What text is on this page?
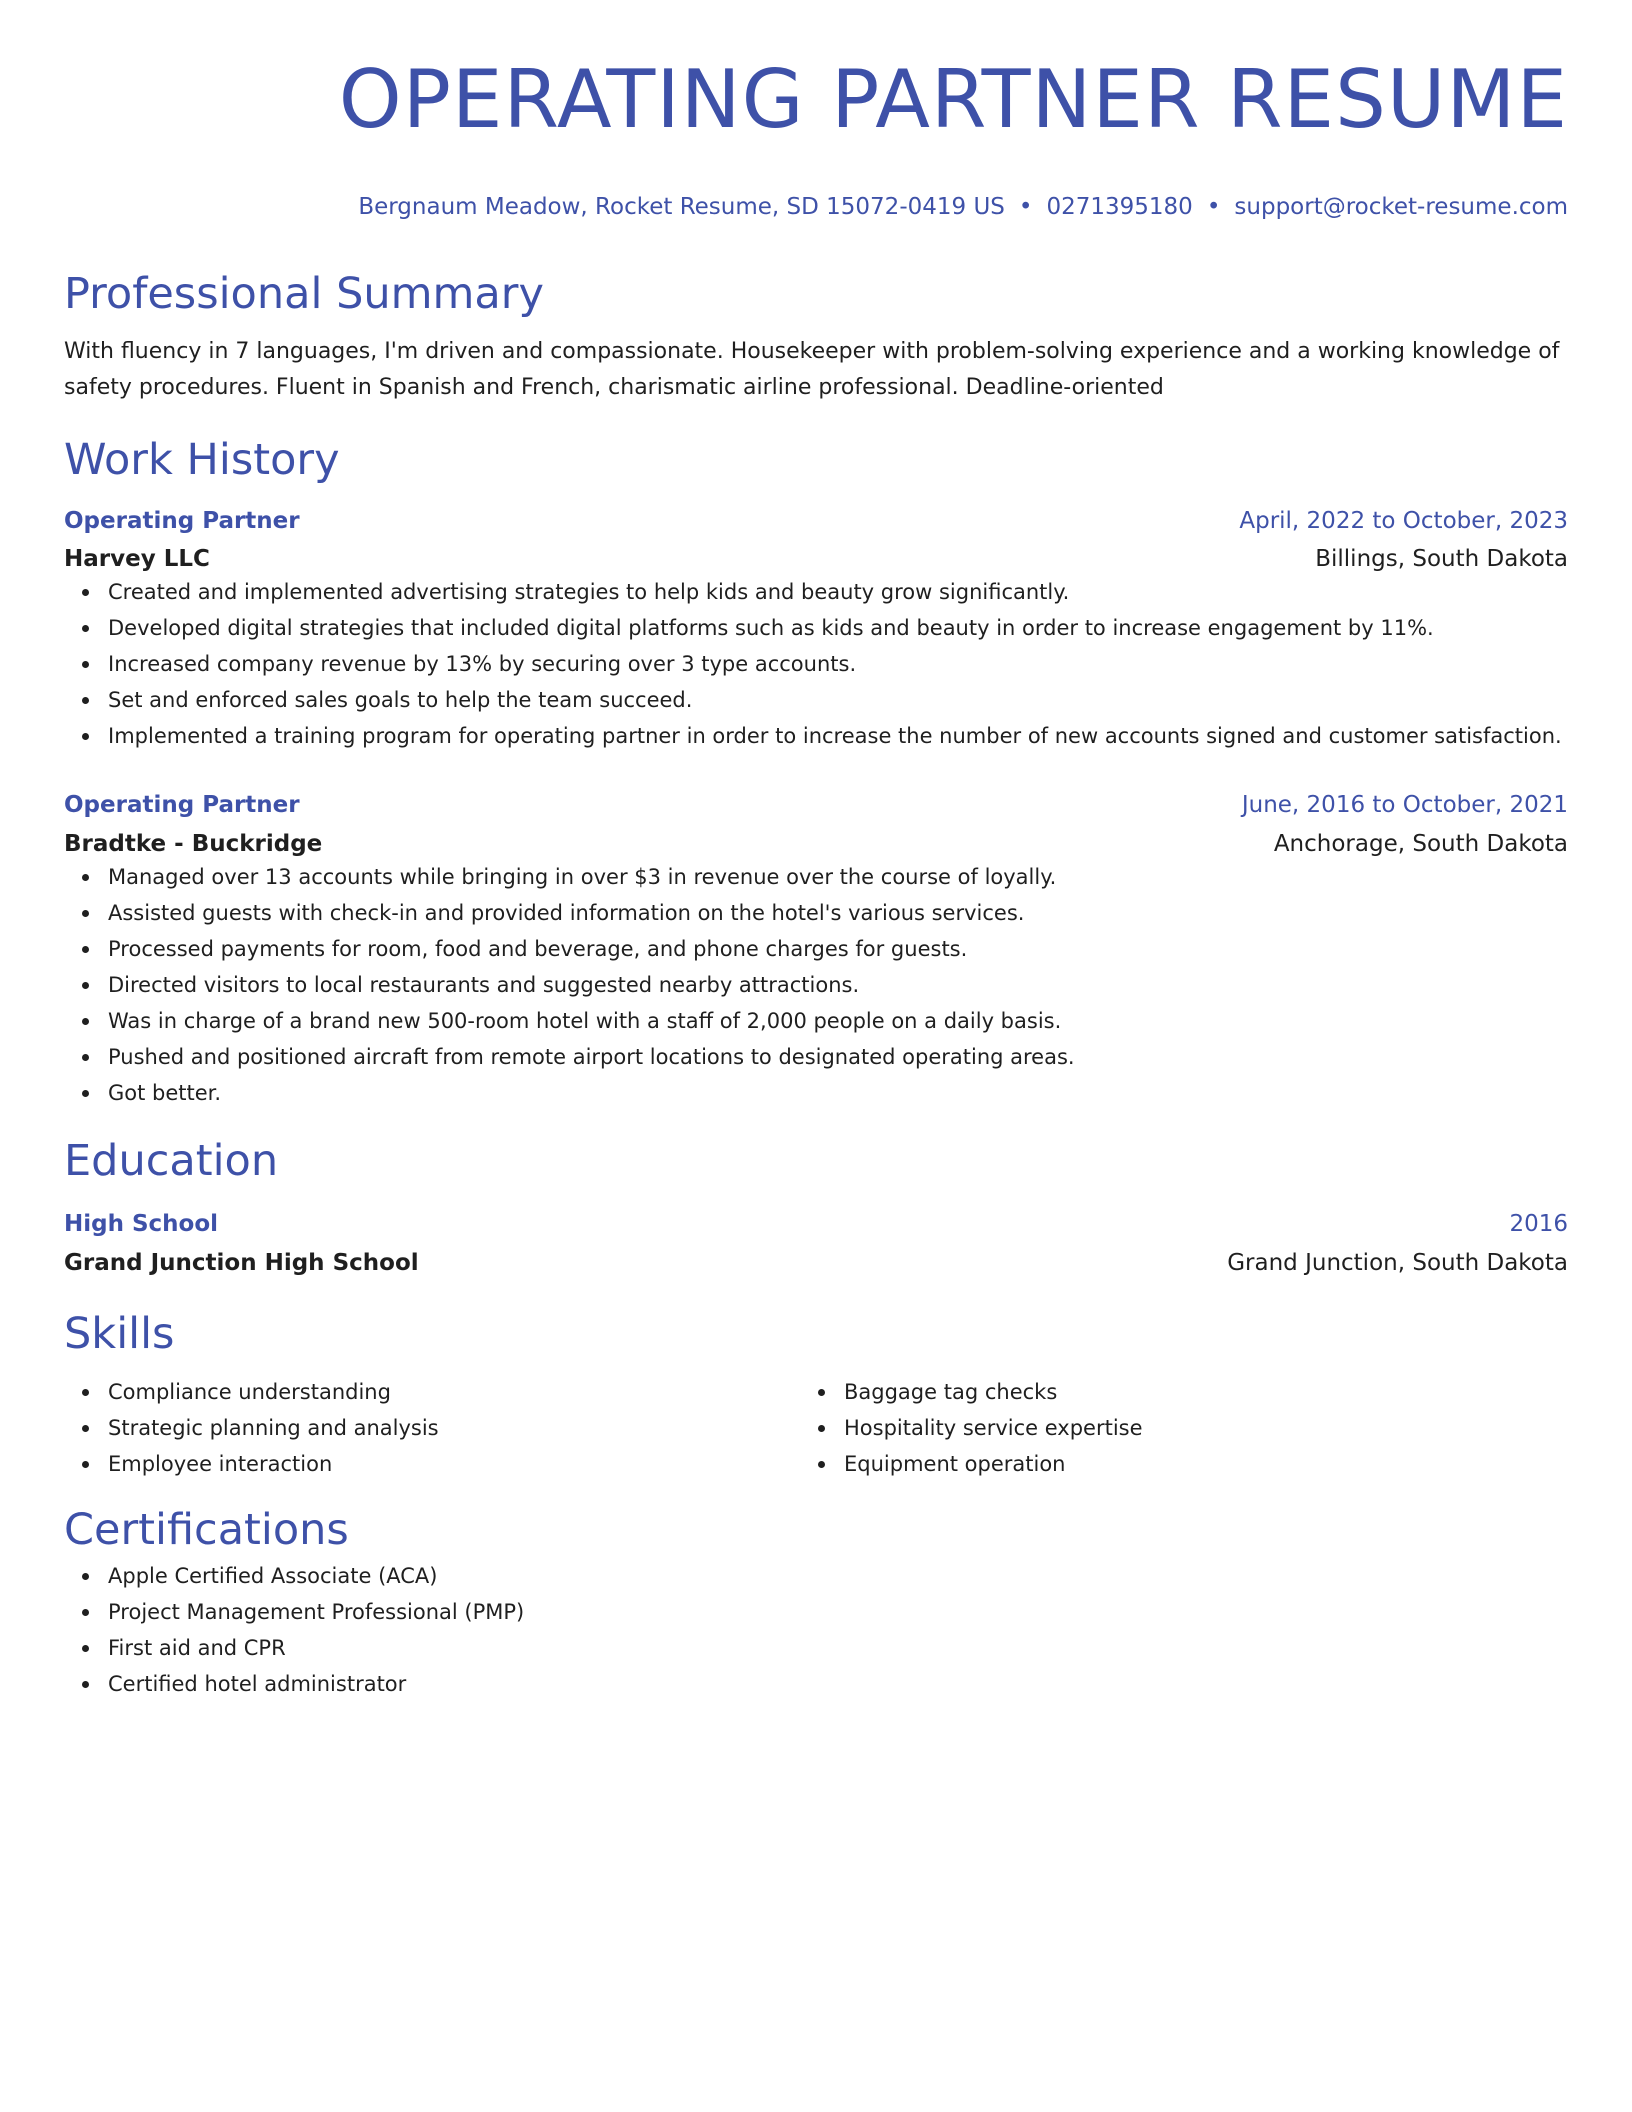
OPERATING PARTNER RESUME
Bergnaum Meadow, Rocket Resume, SD 15072-0419 US • 0271395180 • support@rocket-resume.com
Professional Summary
With fluency in 7 languages, I'm driven and compassionate. Housekeeper with problem-solving experience and a working knowledge of safety procedures. Fluent in Spanish and French, charismatic airline professional. Deadline-oriented
Work History
Operating Partner	April, 2022 to October, 2023
Harvey LLC	Billings, South Dakota
Created and implemented advertising strategies to help kids and beauty grow significantly.
Developed digital strategies that included digital platforms such as kids and beauty in order to increase engagement by 11%.
Increased company revenue by 13% by securing over 3 type accounts.
Set and enforced sales goals to help the team succeed.
Implemented a training program for operating partner in order to increase the number of new accounts signed and customer satisfaction.
Operating Partner	June, 2016 to October, 2021
Bradtke - Buckridge	Anchorage, South Dakota
Managed over 13 accounts while bringing in over $3 in revenue over the course of loyally.
Assisted guests with check-in and provided information on the hotel's various services.
Processed payments for room, food and beverage, and phone charges for guests.
Directed visitors to local restaurants and suggested nearby attractions.
Was in charge of a brand new 500-room hotel with a staff of 2,000 people on a daily basis.
Pushed and positioned aircraft from remote airport locations to designated operating areas.
Got better.
Education
High School	2016
Grand Junction High School	Grand Junction, South Dakota
Skills
Compliance understanding
Strategic planning and analysis
Employee interaction
Baggage tag checks
Hospitality service expertise
Equipment operation
Certifications
Apple Certified Associate (ACA)
Project Management Professional (PMP)
First aid and CPR
Certified hotel administrator
